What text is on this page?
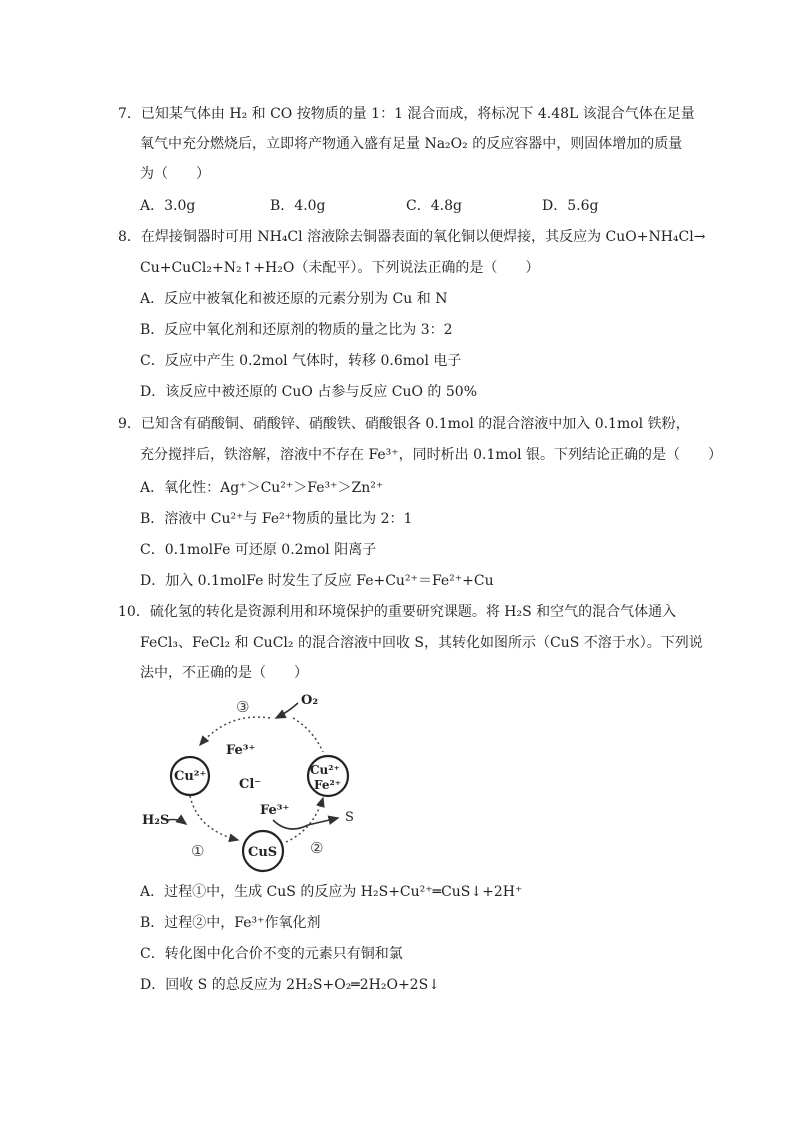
7．已知某气体由 H₂ 和 CO 按物质的量 1：1 混合而成，将标况下 4.48L 该混合气体在足量
氧气中充分燃烧后，立即将产物通入盛有足量 Na₂O₂ 的反应容器中，则固体增加的质量
为（　　）
A．3.0g	B．4.0g	C．4.8g	D．5.6g
8．在焊接铜器时可用 NH₄Cl 溶液除去铜器表面的氧化铜以便焊接，其反应为 CuO+NH₄Cl→
Cu+CuCl₂+N₂↑+H₂O（未配平）。下列说法正确的是（　　）
A．反应中被氧化和被还原的元素分别为 Cu 和 N
B．反应中氧化剂和还原剂的物质的量之比为 3：2
C．反应中产生 0.2mol 气体时，转移 0.6mol 电子
D．该反应中被还原的 CuO 占参与反应 CuO 的 50%
9．已知含有硝酸铜、硝酸锌、硝酸铁、硝酸银各 0.1mol 的混合溶液中加入 0.1mol 铁粉，
充分搅拌后，铁溶解，溶液中不存在 Fe³⁺，同时析出 0.1mol 银。下列结论正确的是（　　）
A．氧化性：Ag⁺＞Cu²⁺＞Fe³⁺＞Zn²⁺
B．溶液中 Cu²⁺与 Fe²⁺物质的量比为 2：1
C．0.1molFe 可还原 0.2mol 阳离子
D．加入 0.1molFe 时发生了反应 Fe+Cu²⁺＝Fe²⁺+Cu
10．硫化氢的转化是资源利用和环境保护的重要研究课题。将 H₂S 和空气的混合气体通入
FeCl₃、FeCl₂ 和 CuCl₂ 的混合溶液中回收 S，其转化如图所示（CuS 不溶于水）。下列说
法中，不正确的是（　　）
O₂
③
①	②
Fe³⁺
Cu²⁺
Cl⁻
Cu²⁺
Fe²⁺
Fe³⁺	S
H₂S
CuS
A．过程①中，生成 CuS 的反应为 H₂S+Cu²⁺═CuS↓+2H⁺
B．过程②中，Fe³⁺作氧化剂
C．转化图中化合价不变的元素只有铜和氯
D．回收 S 的总反应为 2H₂S+O₂═2H₂O+2S↓
